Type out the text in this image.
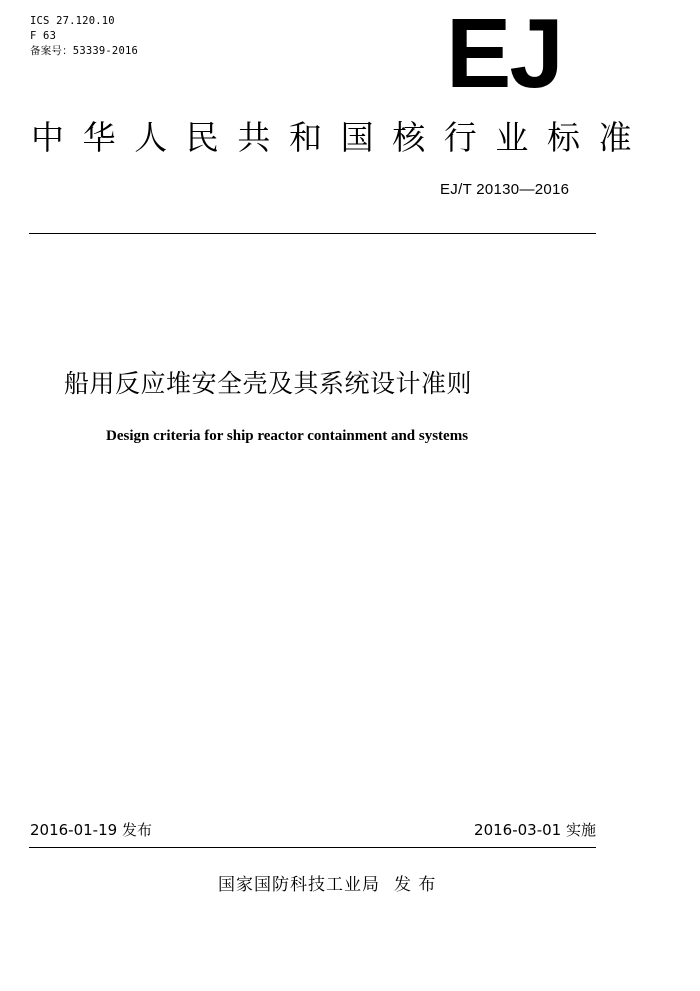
ICS 27.120.10
F 63
备案号：53339-2016	EJ
中华人民共和国核行业标准
EJ/T 20130—2016
船用反应堆安全壳及其系统设计准则
Design criteria for ship reactor containment and systems
2016-01-19 发布	2016-03-01 实施
国家国防科技工业局 发 布
